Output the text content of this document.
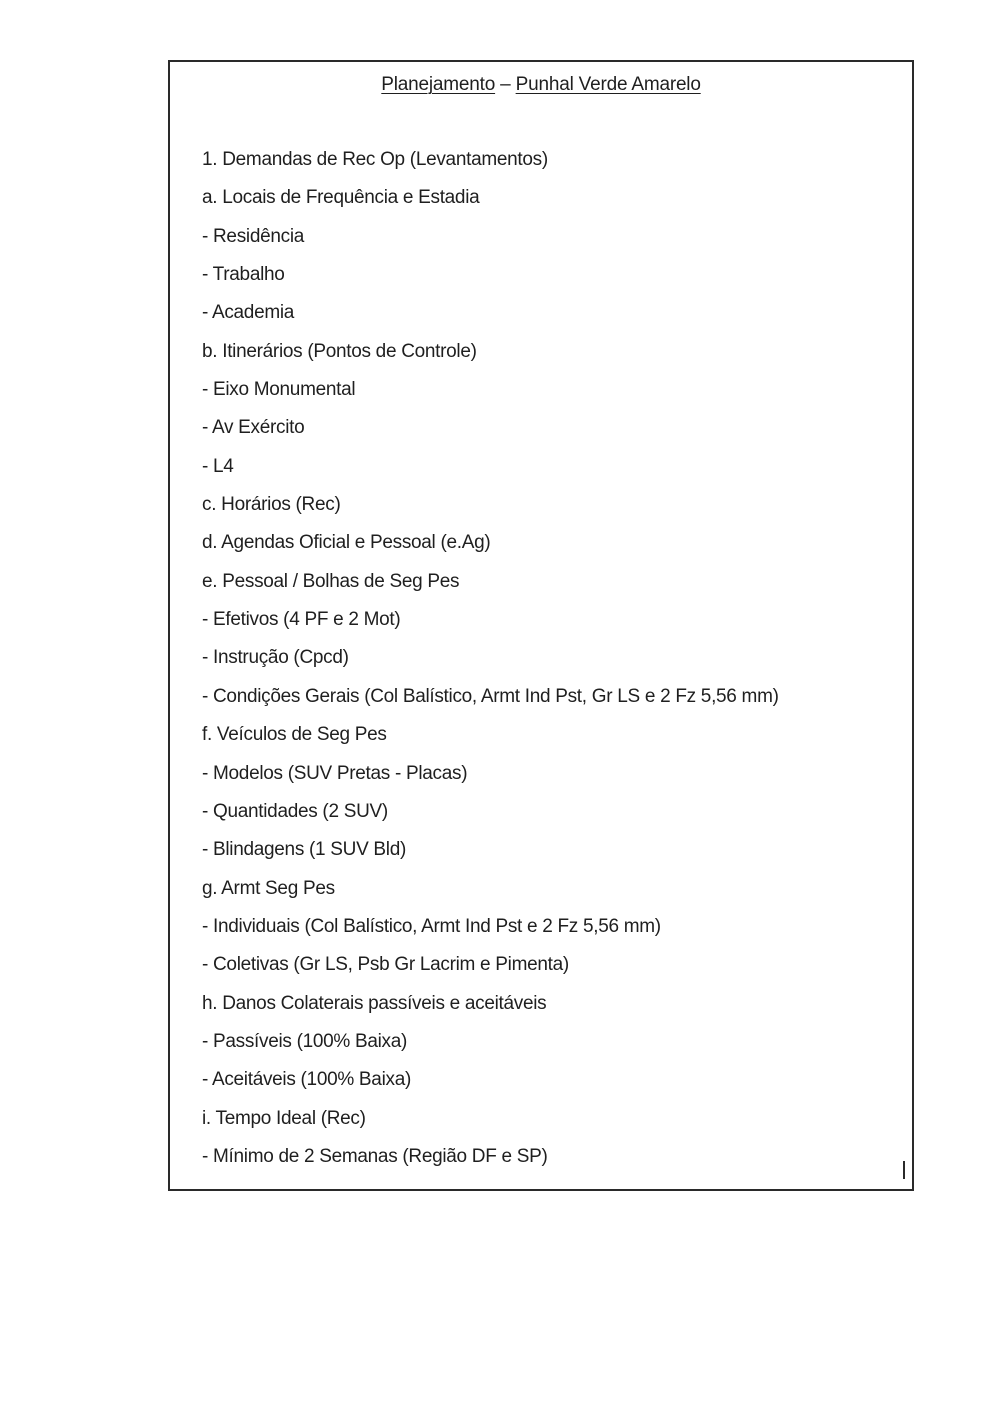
Planejamento – Punhal Verde Amarelo
1. Demandas de Rec Op (Levantamentos)
a. Locais de Frequência e Estadia
- Residência
- Trabalho
- Academia
b. Itinerários (Pontos de Controle)
- Eixo Monumental
- Av Exército
- L4
c. Horários (Rec)
d. Agendas Oficial e Pessoal (e.Ag)
e. Pessoal / Bolhas de Seg Pes
- Efetivos (4 PF e 2 Mot)
- Instrução (Cpcd)
- Condições Gerais (Col Balístico, Armt Ind Pst, Gr LS e 2 Fz 5,56 mm)
f. Veículos de Seg Pes
- Modelos (SUV Pretas - Placas)
- Quantidades (2 SUV)
- Blindagens (1 SUV Bld)
g. Armt Seg Pes
- Individuais (Col Balístico, Armt Ind Pst e 2 Fz 5,56 mm)
- Coletivas (Gr LS, Psb Gr Lacrim e Pimenta)
h. Danos Colaterais passíveis e aceitáveis
- Passíveis (100% Baixa)
- Aceitáveis (100% Baixa)
i. Tempo Ideal (Rec)
- Mínimo de 2 Semanas (Região DF e SP)
